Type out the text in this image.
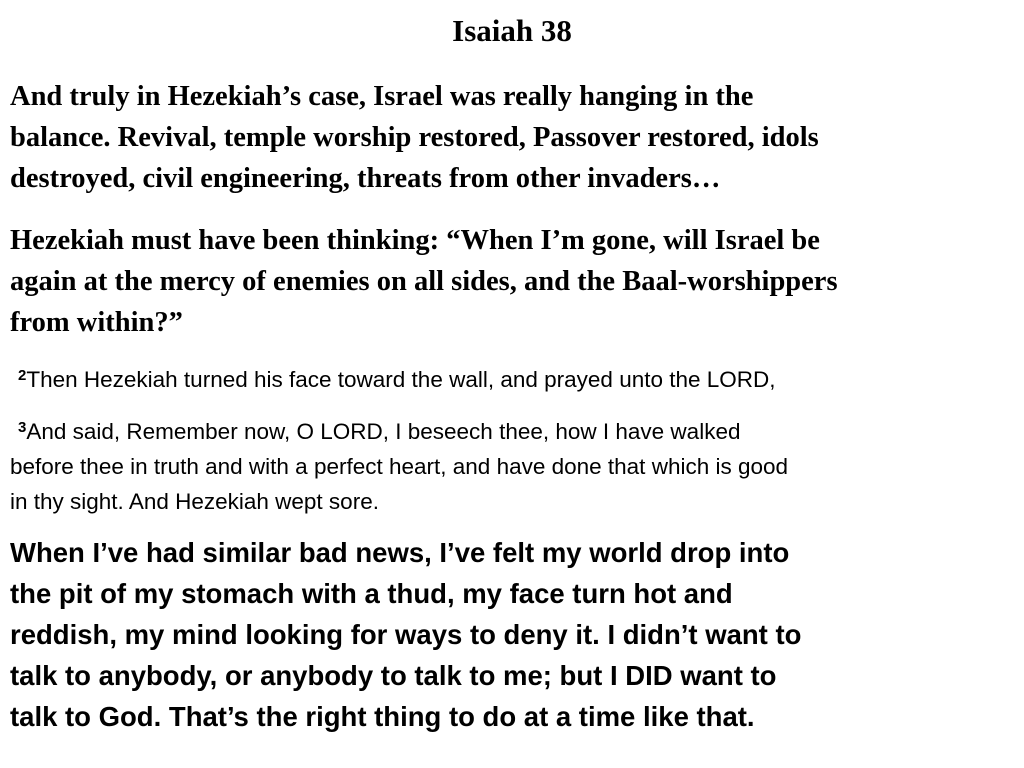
Isaiah 38

And truly in Hezekiah’s case, Israel was really hanging in the
balance. Revival, temple worship restored, Passover restored, idols
destroyed, civil engineering, threats from other invaders…

Hezekiah must have been thinking: “When I’m gone, will Israel be
again at the mercy of enemies on all sides, and the Baal-worshippers
from within?”

$^2$Then Hezekiah turned his face toward the wall, and prayed unto the LORD,

$^3$And said, Remember now, O LORD, I beseech thee, how I have walked
before thee in truth and with a perfect heart, and have done that which is good
in thy sight. And Hezekiah wept sore.

When I’ve had similar bad news, I’ve felt my world drop into
the pit of my stomach with a thud, my face turn hot and
reddish, my mind looking for ways to deny it. I didn’t want to
talk to anybody, or anybody to talk to me; but I DID want to
talk to God. That’s the right thing to do at a time like that.
